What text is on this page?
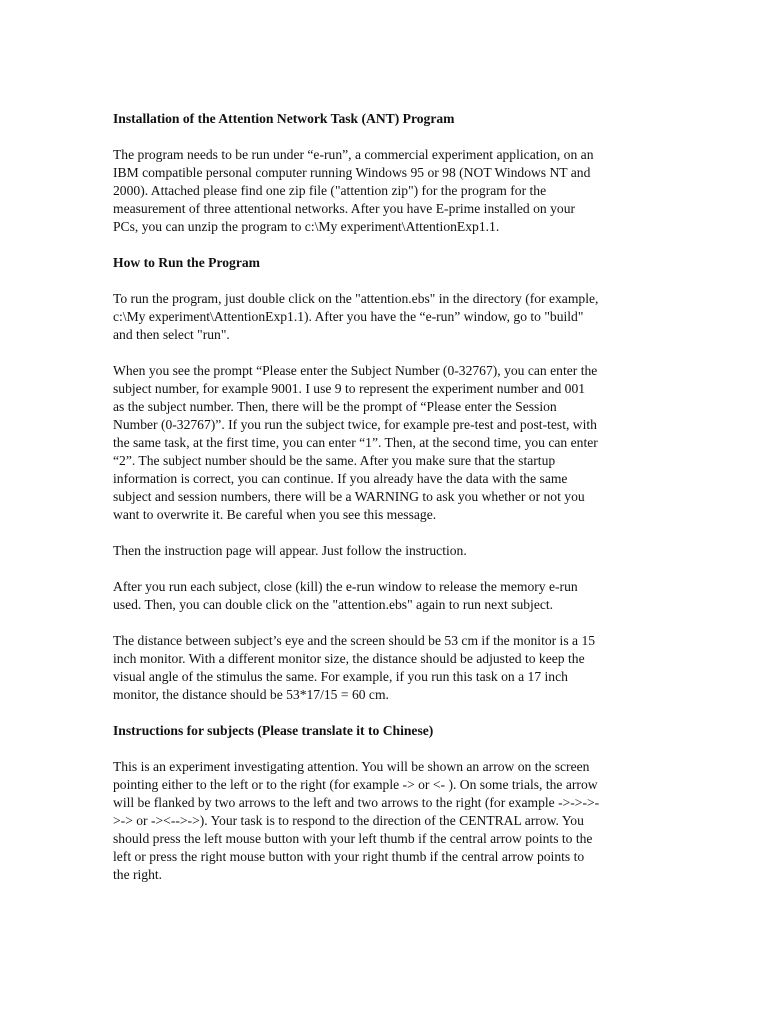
Installation of the Attention Network Task (ANT) Program
The program needs to be run under “e-run”, a commercial experiment application, on an
IBM compatible personal computer running Windows 95 or 98 (NOT Windows NT and
2000). Attached please find one zip file ("attention zip") for the program for the
measurement of three attentional networks. After you have E-prime installed on your
PCs, you can unzip the program to c:\My experiment\AttentionExp1.1.
How to Run the Program
To run the program, just double click on the "attention.ebs" in the directory (for example,
c:\My experiment\AttentionExp1.1). After you have the “e-run” window, go to "build"
and then select "run".
When you see the prompt “Please enter the Subject Number (0-32767), you can enter the
subject number, for example 9001. I use 9 to represent the experiment number and 001
as the subject number. Then, there will be the prompt of “Please enter the Session
Number (0-32767)”. If you run the subject twice, for example pre-test and post-test, with
the same task, at the first time, you can enter “1”. Then, at the second time, you can enter
“2”. The subject number should be the same. After you make sure that the startup
information is correct, you can continue. If you already have the data with the same
subject and session numbers, there will be a WARNING to ask you whether or not you
want to overwrite it. Be careful when you see this message.
Then the instruction page will appear. Just follow the instruction.
After you run each subject, close (kill) the e-run window to release the memory e-run
used. Then, you can double click on the "attention.ebs" again to run next subject.
The distance between subject’s eye and the screen should be 53 cm if the monitor is a 15
inch monitor. With a different monitor size, the distance should be adjusted to keep the
visual angle of the stimulus the same. For example, if you run this task on a 17 inch
monitor, the distance should be 53*17/15 = 60 cm.
Instructions for subjects (Please translate it to Chinese)
This is an experiment investigating attention. You will be shown an arrow on the screen
pointing either to the left or to the right (for example -> or <- ). On some trials, the arrow
will be flanked by two arrows to the left and two arrows to the right (for example ->->->-
>-> or -><-->->). Your task is to respond to the direction of the CENTRAL arrow. You
should press the left mouse button with your left thumb if the central arrow points to the
left or press the right mouse button with your right thumb if the central arrow points to
the right.
